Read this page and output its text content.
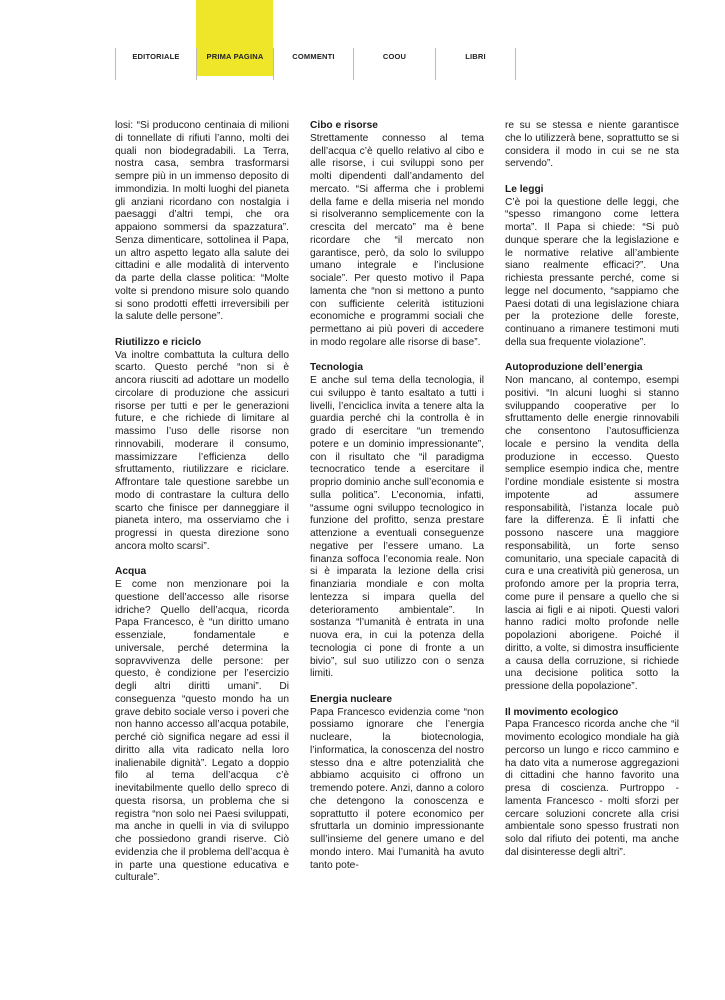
EDITORIALE	PRIMA PAGINA	COMMENTI	COOU	LIBRI

losi: “Si producono centinaia di milioni di tonnellate di rifiuti l’anno, molti dei quali non biodegradabili. La Terra, nostra casa, sembra trasformarsi sempre più in un immenso deposito di immondizia. In molti luoghi del pianeta gli anziani ricordano con nostalgia i paesaggi d’altri tempi, che ora appaiono sommersi da spazzatura”. Senza dimenticare, sottolinea il Papa, un altro aspetto legato alla salute dei cittadini e alle modalità di intervento da parte della classe politica: “Molte volte si prendono misure solo quando si sono prodotti effetti irreversibili per la salute delle persone”.

Riutilizzo e riciclo

Va inoltre combattuta la cultura dello scarto. Questo perché “non si è ancora riusciti ad adottare un modello circolare di produzione che assicuri risorse per tutti e per le generazioni future, e che richiede di limitare al massimo l’uso delle risorse non rinnovabili, moderare il consumo, massimizzare l’efficienza dello sfruttamento, riutilizzare e riciclare. Affrontare tale questione sarebbe un modo di contrastare la cultura dello scarto che finisce per danneggiare il pianeta intero, ma osserviamo che i progressi in questa direzione sono ancora molto scarsi”.

Acqua

E come non menzionare poi la questione dell’accesso alle risorse idriche? Quello dell’acqua, ricorda Papa Francesco, è “un diritto umano essenziale, fondamentale e universale, perché determina la sopravvivenza delle persone: per questo, è condizione per l’esercizio degli altri diritti umani”. Di conseguenza “questo mondo ha un grave debito sociale verso i poveri che non hanno accesso all’acqua potabile, perché ciò significa negare ad essi il diritto alla vita radicato nella loro inalienabile dignità”. Legato a doppio filo al tema dell’acqua c’è inevitabilmente quello dello spreco di questa risorsa, un problema che si registra “non solo nei Paesi sviluppati, ma anche in quelli in via di sviluppo che possiedono grandi riserve. Ciò evidenzia che il problema dell’acqua è in parte una questione educativa e culturale”.

Cibo e risorse

Strettamente connesso al tema dell’acqua c’è quello relativo al cibo e alle risorse, i cui sviluppi sono per molti dipendenti dall’andamento del mercato. “Si afferma che i problemi della fame e della miseria nel mondo si risolveranno semplicemente con la crescita del mercato” ma è bene ricordare che “il mercato non garantisce, però, da solo lo sviluppo umano integrale e l’inclusione sociale”. Per questo motivo il Papa lamenta che “non si mettono a punto con sufficiente celerità istituzioni economiche e programmi sociali che permettano ai più poveri di accedere in modo regolare alle risorse di base”.

Tecnologia

E anche sul tema della tecnologia, il cui sviluppo è tanto esaltato a tutti i livelli, l’enciclica invita a tenere alta la guardia perché chi la controlla è in grado di esercitare “un tremendo potere e un dominio impressionante”, con il risultato che “il paradigma tecnocratico tende a esercitare il proprio dominio anche sull’economia e sulla politica”. L’economia, infatti, “assume ogni sviluppo tecnologico in funzione del profitto, senza prestare attenzione a eventuali conseguenze negative per l’essere umano. La finanza soffoca l’economia reale. Non si è imparata la lezione della crisi finanziaria mondiale e con molta lentezza si impara quella del deterioramento ambientale”. In sostanza “l’umanità è entrata in una nuova era, in cui la potenza della tecnologia ci pone di fronte a un bivio”, sul suo utilizzo con o senza limiti.

Energia nucleare

Papa Francesco evidenzia come “non possiamo ignorare che l’energia nucleare, la biotecnologia, l’informatica, la conoscenza del nostro stesso dna e altre potenzialità che abbiamo acquisito ci offrono un tremendo potere. Anzi, danno a coloro che detengono la conoscenza e soprattutto il potere economico per sfruttarla un dominio impressionante sull’insieme del genere umano e del mondo intero. Mai l’umanità ha avuto tanto pote-

re su se stessa e niente garantisce che lo utilizzerà bene, soprattutto se si considera il modo in cui se ne sta servendo”.

Le leggi

C’è poi la questione delle leggi, che “spesso rimangono come lettera morta”. Il Papa si chiede: “Si può dunque sperare che la legislazione e le normative relative all’ambiente siano realmente efficaci?”. Una richiesta pressante perché, come si legge nel documento, “sappiamo che Paesi dotati di una legislazione chiara per la protezione delle foreste, continuano a rimanere testimoni muti della sua frequente violazione”.

Autoproduzione dell’energia

Non mancano, al contempo, esempi positivi. “In alcuni luoghi si stanno sviluppando cooperative per lo sfruttamento delle energie rinnovabili che consentono l’autosufficienza locale e persino la vendita della produzione in eccesso. Questo semplice esempio indica che, mentre l’ordine mondiale esistente si mostra impotente ad assumere responsabilità, l’istanza locale può fare la differenza. È lì infatti che possono nascere una maggiore responsabilità, un forte senso comunitario, una speciale capacità di cura e una creatività più generosa, un profondo amore per la propria terra, come pure il pensare a quello che si lascia ai figli e ai nipoti. Questi valori hanno radici molto profonde nelle popolazioni aborigene. Poiché il diritto, a volte, si dimostra insufficiente a causa della corruzione, si richiede una decisione politica sotto la pressione della popolazione”.

Il movimento ecologico

Papa Francesco ricorda anche che “il movimento ecologico mondiale ha già percorso un lungo e ricco cammino e ha dato vita a numerose aggregazioni di cittadini che hanno favorito una presa di coscienza. Purtroppo - lamenta Francesco - molti sforzi per cercare soluzioni concrete alla crisi ambientale sono spesso frustrati non solo dal rifiuto dei potenti, ma anche dal disinteresse degli altri”.
